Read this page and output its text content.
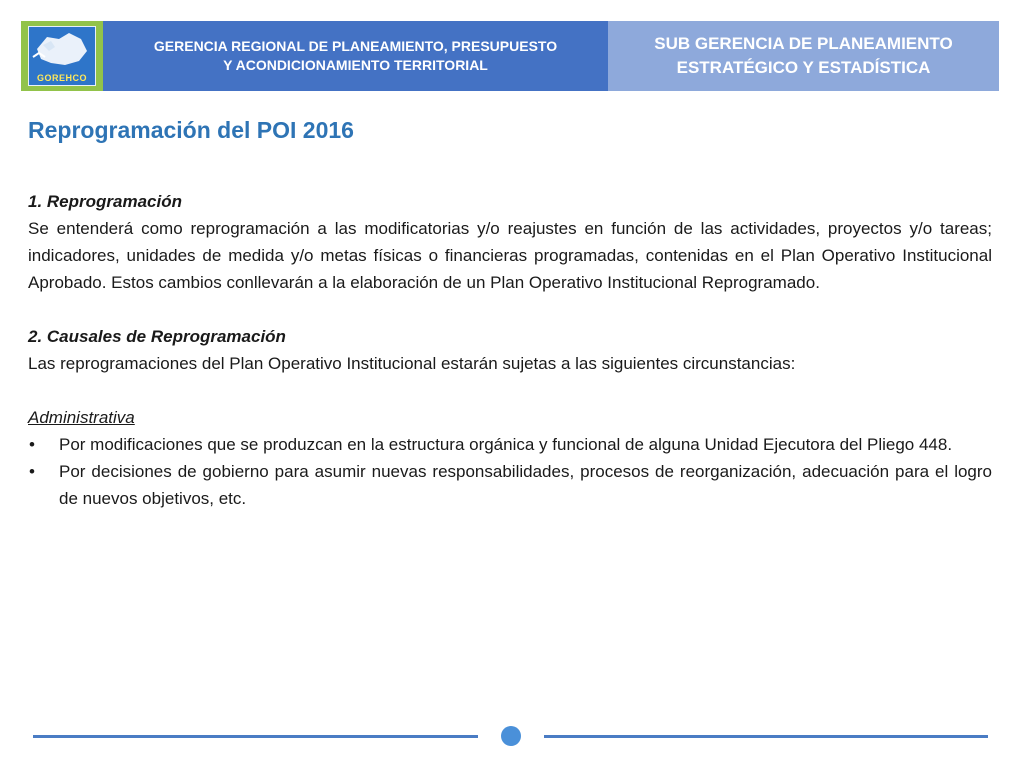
GOREHCO
GERENCIA REGIONAL DE PLANEAMIENTO, PRESUPUESTO
Y ACONDICIONAMIENTO TERRITORIAL
SUB GERENCIA DE PLANEAMIENTO
ESTRATÉGICO Y ESTADÍSTICA
Reprogramación del POI 2016

1. Reprogramación

Se entenderá como reprogramación a las modificatorias y/o reajustes en función de las actividades, proyectos y/o tareas; indicadores, unidades de medida y/o metas físicas o financieras programadas, contenidas en el Plan Operativo Institucional Aprobado. Estos cambios conllevarán a la elaboración de un Plan Operativo Institucional Reprogramado.

2. Causales de Reprogramación

Las reprogramaciones del Plan Operativo Institucional estarán sujetas a las siguientes circunstancias:

Administrativa

• Por modificaciones que se produzcan en la estructura orgánica y funcional de alguna Unidad Ejecutora del Pliego 448.
• Por decisiones de gobierno para asumir nuevas responsabilidades, procesos de reorganización, adecuación para el logro de nuevos objetivos, etc.
